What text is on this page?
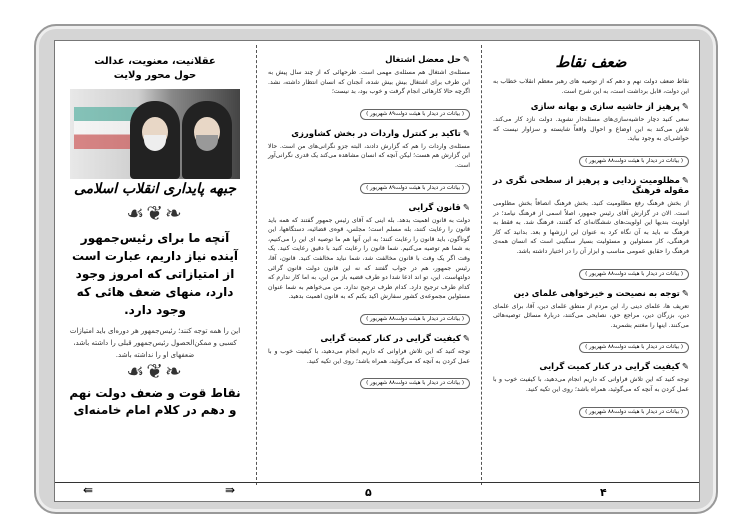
عقلانیت، معنویت، عدالت
حول محور ولایت
جبهه پایداری انقلاب اسلامی
❧❦☙
آنچه ما برای رئیس‌جمهور آینده نیاز داریم، عبارت است از امتیازاتی که امروز وجود دارد، منهای ضعف هائی که وجود دارد.
این را همه توجه کنند؛ رئیس‌جمهور هر دوره‌ای باید امتیازات کسبی و ممکن‌الحصول رئیس‌جمهور قبلی را داشته باشد، ضعفهای او را نداشته باشد.
❧❦☙
نقاط قوت و ضعف دولت نهم و دهم در کلام امام خامنه‌ای
⇚	⇛
✎حل معضل اشتغال

مسئله‌ی اشتغال هم مسئله‌ی مهمی است. طرحهائی که از چند سال پیش به این طرف برای اشتغال بیش بیش شده، آنجنان که انسان انتظار داشته، نشد. اگرچه حالا کارهائی انجام گرفت و خوب بود، بد نیست؛

( بیانات در دیدار با هیئت دولت۸۹ شهریور )
✎تاکید بر کنترل واردات در بخش کشاورزی

مسئله‌ی واردات را هم که گزارش دادند، البته جزو نگرانی‌های من است. حالا این گزارش هم هست؛ لیکن آنچه که انسان مشاهده می‌کند یک قدری نگرانی‌آور است.

( بیانات در دیدار با هیئت دولت۸۹ شهریور )
✎قانون گرایی

دولت به قانون اهمیت بدهد. بله اینی که آقای رئیس جمهور گفتند که همه باید قانون را رعایت کنند، بله مسلم است؛ مجلس، قوه‌ی قضائیه، دستگاهها، این گوناگون، باید قانون را رعایت کنند؛ به این آنها هم ما توصیه ای این را می‌کنیم، به شما هم توصیه می‌کنیم. شما قانون را رعایت کنید با دقیق رعایت کنید. یک وقت اگر یک وقت با قانون مخالفت شد، شما نباید مخالفت کنید. قانون، آقا، رئیس جمهور، هم در جواب گفتند که نه این قانون دولت قانون گرائی دولتهاست. این، تو اند اذعا شدا دو طرف قضیه باز من این، به اما کار ندارم که کدام طرف ترجیح دارد. کدام طرف ترجیح ندارد. من می‌خواهم به شما عنوان مسئولین مجموعه‌ی کشور سفارش اکید بکنم که به قانون اهمیت بدهید.

( بیانات در دیدار با هیئت دولت۸۸ شهریور )
✎کیفیت گرایی در کنار کمیت گرایی

توجه کنید که این تلاش فراوانی که داریم انجام می‌دهید، با کیفیت خوب و با عمل کردن به آنچه که می‌گوئید، همراه باشد؛ روی این تکیه کنید.

( بیانات در دیدار با هیئت دولت۸۸ شهریور )
۵
ضعف نقاط

نقاط ضعف دولت نهم و دهم که از توصیه های رهبر معظم انقلاب خطاب به این دولت، قابل برداشت است، به این شرح است.

✎پرهیز از حاشیه سازی و بهانه سازی

سعی کنید دچار حاشیه‌سازی‌های مسئله‌دار نشوید. دولت نازد کار می‌کند. تلاش می‌کند به این اوضاع و احوال واقعاً شایسته و سزاوار نیست که حواشی‌ای به وجود بیاید.

( بیانات در دیدار با هیئت دولت۸۸ شهریور )
✎مظلومیت زدایی و پرهیز از سطحی نگری در مقوله فرهنگ

از بخش فرهنگ رفع مظلومیت کنید. بخش فرهنگ انصافاً بخش مظلومی است. الان در گزارش آقای رئیس جمهور، اصلاً اسمی از فرهنگ نیامد؛ در اولویت بندیها این اولویت‌های ششگانه‌ای که گفتند، فرهنگ شد. به فقط به فرهنگ نه باید به آن نگاه کرد به عنوان این ارزشها و بعد. بدانید که کار فرهنگی، کار مسئولین و مسئولیت بسیار سنگینی است که انسان همه‌ی فرهنگ را حقایق عمومی مناسب و ابزار آن را در اختیار داشته باشد.

( بیانات در دیدار با هیئت دولت۸۸ شهریور )
✎توجه به نصیحت و خیرخواهی علمای دین

تعریف ها، علمای دینی را، این مردم از منطق علمای دین، آقا، برای علمای دین، بزرگان دین، مراجع حق، نصایحی می‌کنند، دربارهٔ مسائل توصیه‌هائی می‌کنند. اینها را مغتنم بشمرید.

( بیانات در دیدار با هیئت دولت۸۸ شهریور )
✎کیفیت گرایی در کنار کمیت گرایی

توجه کنید که این تلاش فراوانی که داریم انجام می‌دهید، با کیفیت خوب و با عمل کردن به آنچه که می‌گوئید، همراه باشد؛ روی این تکیه کنید.

( بیانات در دیدار با هیئت دولت۸۸ شهریور )
۴
